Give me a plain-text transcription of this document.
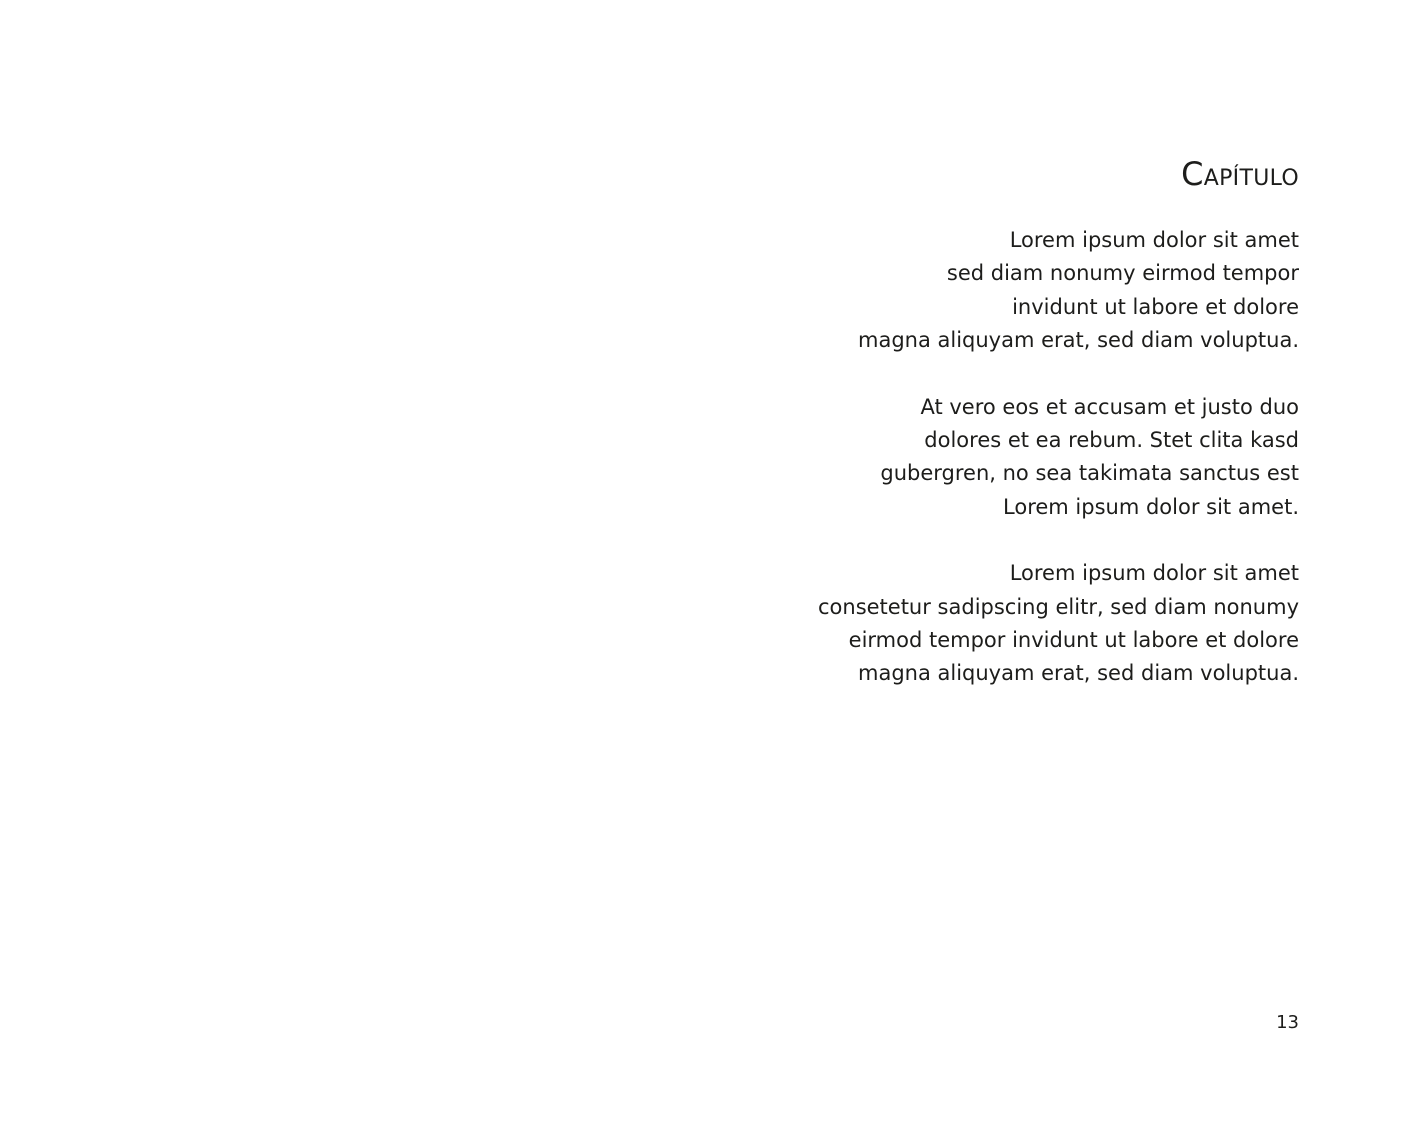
Capítulo
Lorem ipsum dolor sit amet
sed diam nonumy eirmod tempor
invidunt ut labore et dolore
magna aliquyam erat, sed diam voluptua.
At vero eos et accusam et justo duo
dolores et ea rebum. Stet clita kasd
gubergren, no sea takimata sanctus est
Lorem ipsum dolor sit amet.
Lorem ipsum dolor sit amet
consetetur sadipscing elitr, sed diam nonumy
eirmod tempor invidunt ut labore et dolore
magna aliquyam erat, sed diam voluptua.
13
